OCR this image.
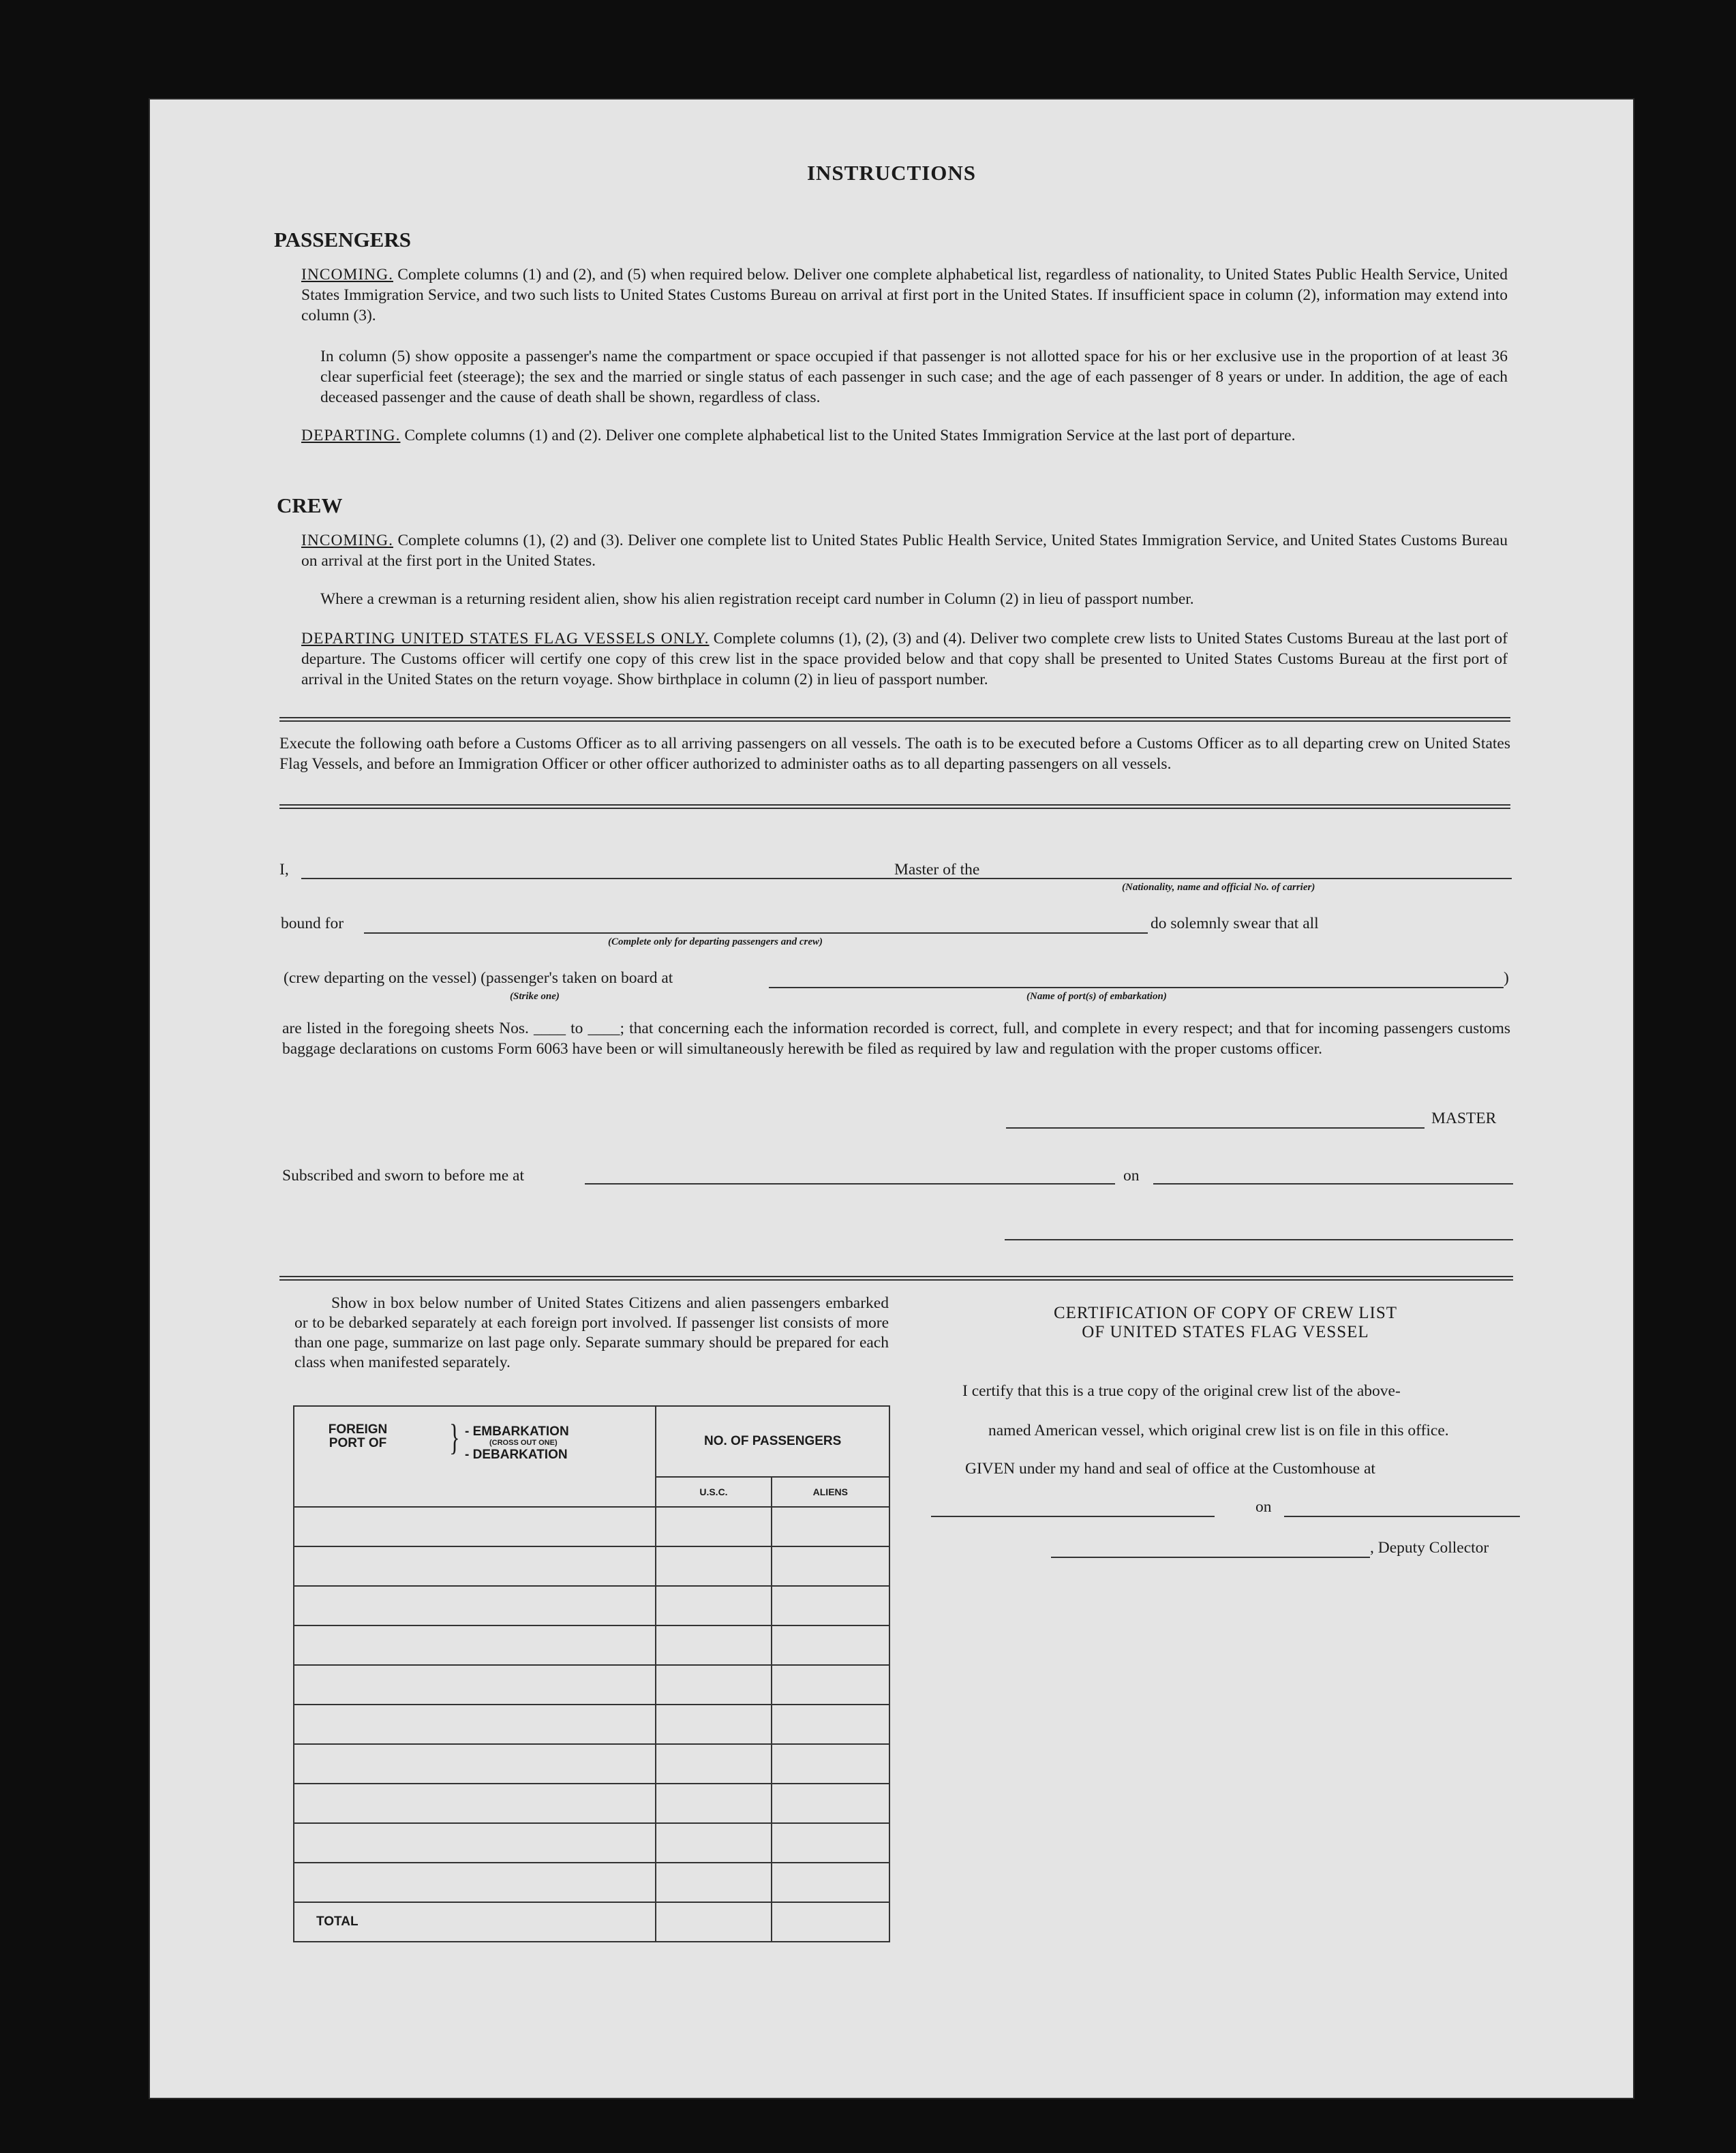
INSTRUCTIONS
PASSENGERS
INCOMING. Complete columns (1) and (2), and (5) when required below. Deliver one complete alphabetical list, regardless of nationality, to United States Public Health Service, United States Immigration Service, and two such lists to United States Customs Bureau on arrival at first port in the United States. If insufficient space in column (2), information may extend into column (3).
In column (5) show opposite a passenger's name the compartment or space occupied if that passenger is not allotted space for his or her exclusive use in the proportion of at least 36 clear superficial feet (steerage); the sex and the married or single status of each passenger in such case; and the age of each passenger of 8 years or under. In addition, the age of each deceased passenger and the cause of death shall be shown, regardless of class.
DEPARTING. Complete columns (1) and (2). Deliver one complete alphabetical list to the United States Immigration Service at the last port of departure.
CREW
INCOMING. Complete columns (1), (2) and (3). Deliver one complete list to United States Public Health Service, United States Immigration Service, and United States Customs Bureau on arrival at the first port in the United States.
Where a crewman is a returning resident alien, show his alien registration receipt card number in Column (2) in lieu of passport number.
DEPARTING UNITED STATES FLAG VESSELS ONLY. Complete columns (1), (2), (3) and (4). Deliver two complete crew lists to United States Customs Bureau at the last port of departure. The Customs officer will certify one copy of this crew list in the space provided below and that copy shall be presented to United States Customs Bureau at the first port of arrival in the United States on the return voyage. Show birthplace in column (2) in lieu of passport number.
Execute the following oath before a Customs Officer as to all arriving passengers on all vessels. The oath is to be executed before a Customs Officer as to all departing crew on United States Flag Vessels, and before an Immigration Officer or other officer authorized to administer oaths as to all departing passengers on all vessels.
I,	Master of the
(Nationality, name and official No. of carrier)
bound for
(Complete only for departing passengers and crew)
do solemnly swear that all
(crew departing on the vessel) (passenger's taken on board at	)
(Strike one)	(Name of port(s) of embarkation)
are listed in the foregoing sheets Nos. ____ to ____; that concerning each the information recorded is correct, full, and complete in every respect; and that for incoming passengers customs baggage declarations on customs Form 6063 have been or will simultaneously herewith be filed as required by law and regulation with the proper customs officer.
MASTER
Subscribed and sworn to before me at	on
Show in box below number of United States Citizens and alien passengers embarked or to be debarked separately at each foreign port involved. If passenger list consists of more than one page, summarize on last page only. Separate summary should be prepared for each class when manifested separately.
FOREIGN PORT OF } - EMBARKATION
(CROSS OUT ONE)
- DEBARKATION	NO. OF PASSENGERS	
	U.S.C.	ALIENS

TOTAL		
CERTIFICATION OF COPY OF CREW LIST
OF UNITED STATES FLAG VESSEL
I certify that this is a true copy of the original crew list of the above-
named American vessel, which original crew list is on file in this office.
GIVEN under my hand and seal of office at the Customhouse at
on
, Deputy Collector
